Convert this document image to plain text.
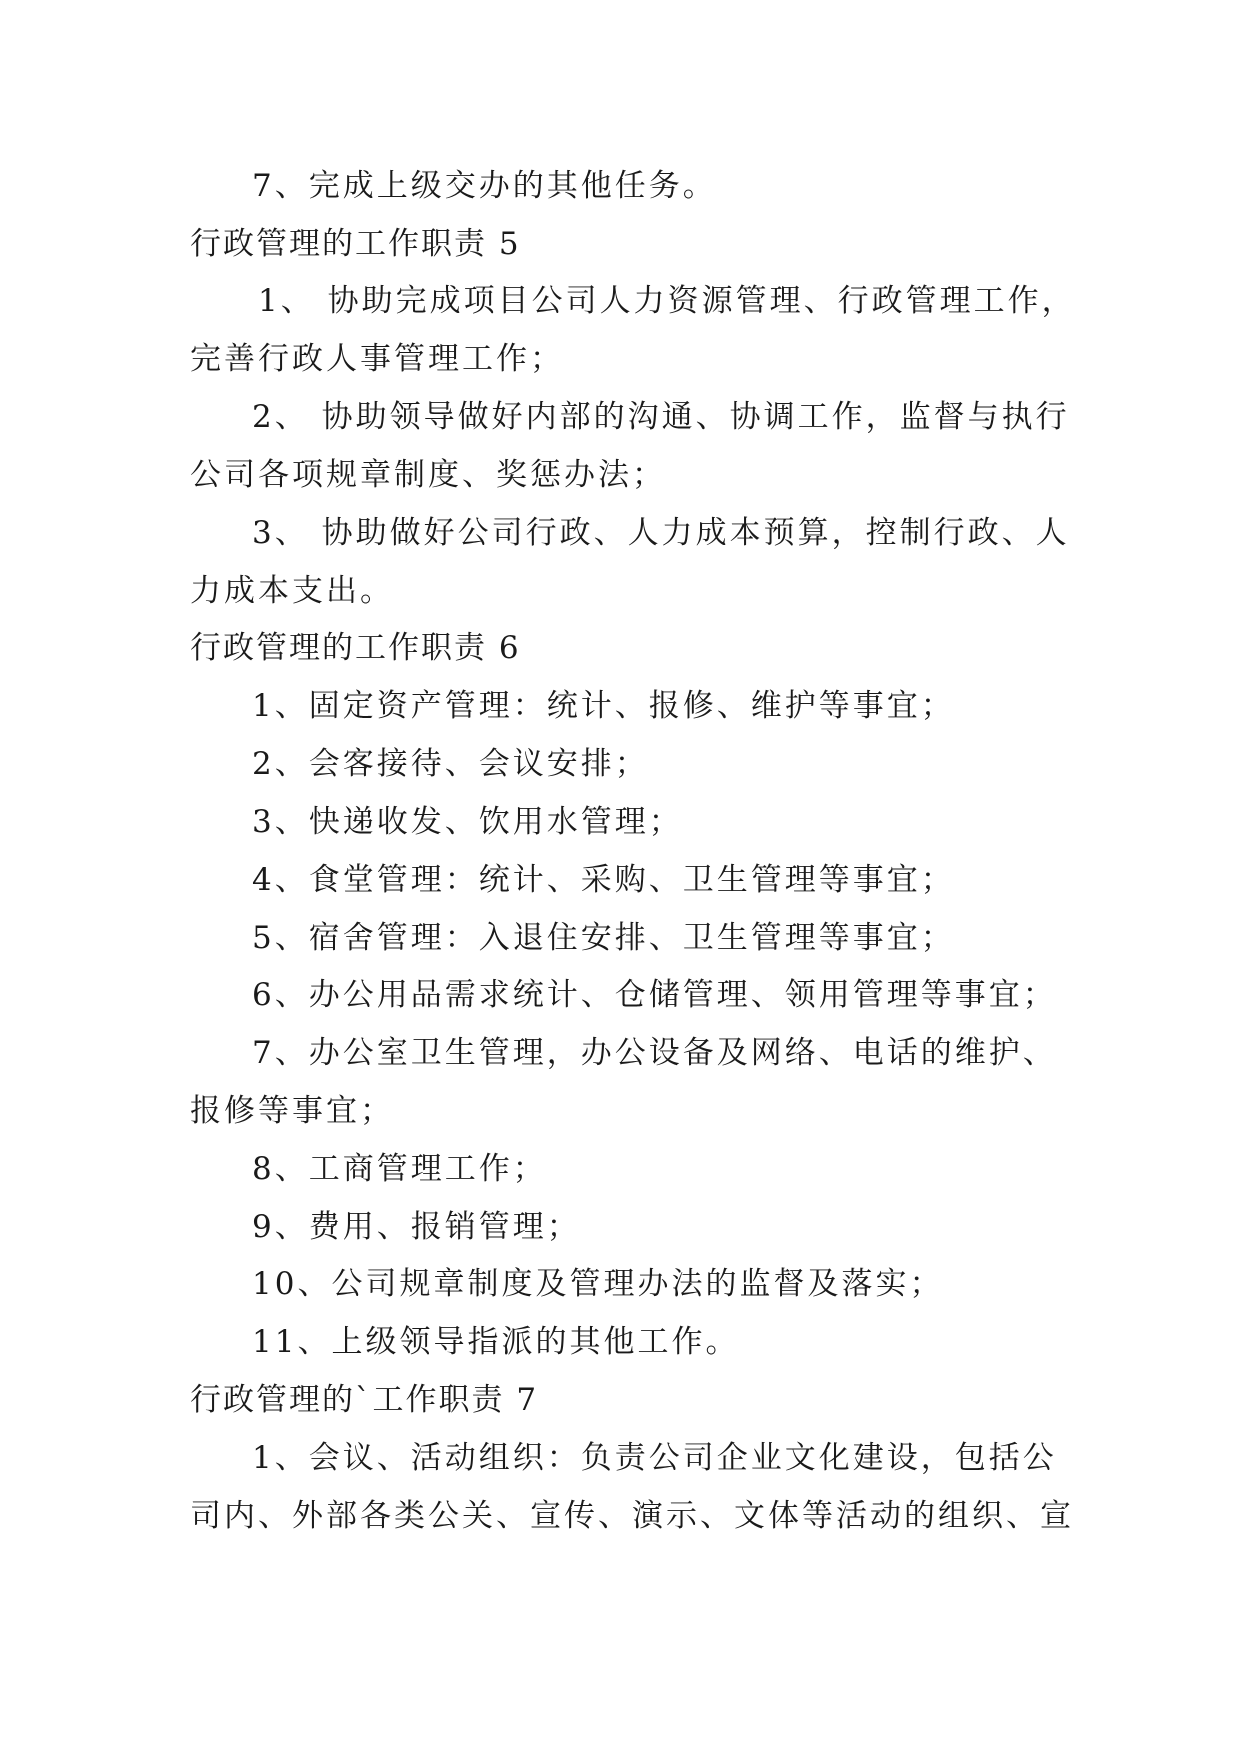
7、完成上级交办的其他任务。
行政管理的工作职责 5
1、 协助完成项目公司人力资源管理、行政管理工作，
完善行政人事管理工作；
2、 协助领导做好内部的沟通、协调工作，监督与执行
公司各项规章制度、奖惩办法；
3、 协助做好公司行政、人力成本预算，控制行政、人
力成本支出。
行政管理的工作职责 6
1、固定资产管理：统计、报修、维护等事宜；
2、会客接待、会议安排；
3、快递收发、饮用水管理；
4、食堂管理：统计、采购、卫生管理等事宜；
5、宿舍管理：入退住安排、卫生管理等事宜；
6、办公用品需求统计、仓储管理、领用管理等事宜；
7、办公室卫生管理，办公设备及网络、电话的维护、
报修等事宜；
8、工商管理工作；
9、费用、报销管理；
10、公司规章制度及管理办法的监督及落实；
11、上级领导指派的其他工作。
行政管理的`工作职责 7
1、会议、活动组织：负责公司企业文化建设，包括公
司内、外部各类公关、宣传、演示、文体等活动的组织、宣
